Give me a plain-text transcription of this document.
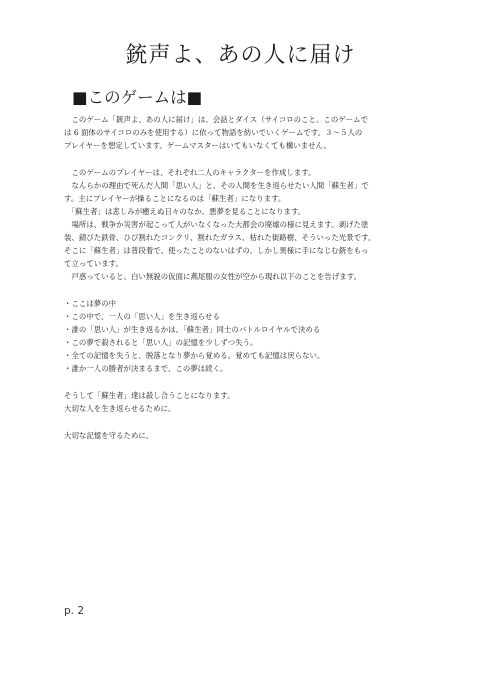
銃声よ、あの人に届け
■このゲームは■

　このゲーム「銃声よ、あの人に届け」は、会話とダイス（サイコロのこと。このゲームで

は 6 面体のサイコロのみを使用する）に依って物語を紡いでいくゲームです。３～５人の

プレイヤーを想定しています。ゲームマスターはいてもいなくても構いません。

　このゲームのプレイヤーは、それぞれ二人のキャラクターを作成します。

　なんらかの理由で死んだ人間「思い人」と、その人間を生き返らせたい人間「蘇生者」で

す。主にプレイヤーが操ることになるのは「蘇生者」になります。

　「蘇生者」は悲しみが癒えぬ日々のなか、悪夢を見ることになります。

　場所は、戦争か災害が起こって人がいなくなった大都会の廃墟の様に見えます。剥げた塗

装、錆びた鉄骨、ひび割れたコンクリ、割れたガラス、枯れた街路樹、そういった光景です。

そこに「蘇生者」は普段着で、使ったことのないはずの、しかし異様に手になじむ銃をもっ

て立っています。

　戸惑っていると、白い無貌の仮面に燕尾服の女性が空から現れ以下のことを告げます。

・ここは夢の中

・この中で、一人の「思い人」を生き返らせる

・誰の「思い人」が生き返るかは、「蘇生者」同士のバトルロイヤルで決める

・この夢で殺されると「思い人」の記憶を少しずつ失う。

・全ての記憶を失うと、脱落となり夢から覚める。覚めても記憶は戻らない。

・誰か一人の勝者が決まるまで、この夢は続く。

そうして「蘇生者」達は殺し合うことになります。

大切な人を生き返らせるために。

大切な記憶を守るために。

p. 2
